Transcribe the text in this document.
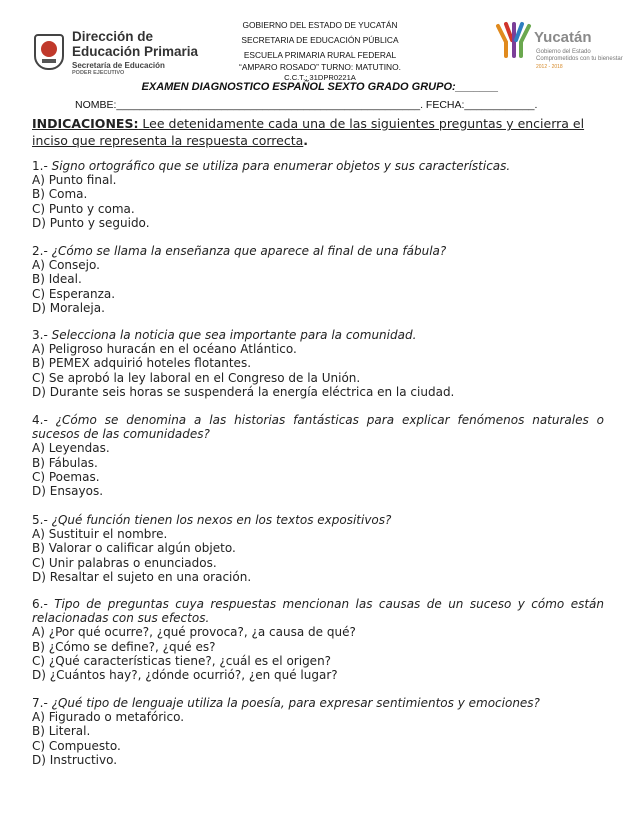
Dirección de
Educación Primaria
Secretaría de Educación
PODER EJECUTIVO
GOBIERNO DEL ESTADO DE YUCATÁN
SECRETARIA DE EDUCACIÓN PÚBLICA
ESCUELA PRIMARIA RURAL FEDERAL
“AMPARO ROSADO” TURNO: MATUTINO.
C.C.T.: 31DPR0221A
Yucatán
Gobierno del Estado
Comprometidos con tu bienestar
2012 - 2018
EXAMEN DIAGNOSTICO ESPAÑOL SEXTO GRADO GRUPO:_______
NOMBE:____________________________________________________. FECHA:____________.
INDICACIONES: Lee detenidamente cada una de las siguientes preguntas y encierra el inciso que representa la respuesta correcta.
1.- Signo ortográfico que se utiliza para enumerar objetos y sus características.
A) Punto final.
B) Coma.
C) Punto y coma.
D) Punto y seguido.
2.- ¿Cómo se llama la enseñanza que aparece al final de una fábula?
A) Consejo.
B) Ideal.
C) Esperanza.
D) Moraleja.
3.- Selecciona la noticia que sea importante para la comunidad.
A) Peligroso huracán en el océano Atlántico.
B) PEMEX adquirió hoteles flotantes.
C) Se aprobó la ley laboral en el Congreso de la Unión.
D) Durante seis horas se suspenderá la energía eléctrica en la ciudad.
4.- ¿Cómo se denomina a las historias fantásticas para explicar fenómenos naturales o sucesos de las comunidades?
A) Leyendas.
B) Fábulas.
C) Poemas.
D) Ensayos.
5.- ¿Qué función tienen los nexos en los textos expositivos?
A) Sustituir el nombre.
B) Valorar o calificar algún objeto.
C) Unir palabras o enunciados.
D) Resaltar el sujeto en una oración.
6.- Tipo de preguntas cuya respuestas mencionan las causas de un suceso y cómo están relacionadas con sus efectos.
A) ¿Por qué ocurre?, ¿qué provoca?, ¿a causa de qué?
B) ¿Cómo se define?, ¿qué es?
C) ¿Qué características tiene?, ¿cuál es el origen?
D) ¿Cuántos hay?, ¿dónde ocurrió?, ¿en qué lugar?
7.- ¿Qué tipo de lenguaje utiliza la poesía, para expresar sentimientos y emociones?
A) Figurado o metafórico.
B) Literal.
C) Compuesto.
D) Instructivo.
